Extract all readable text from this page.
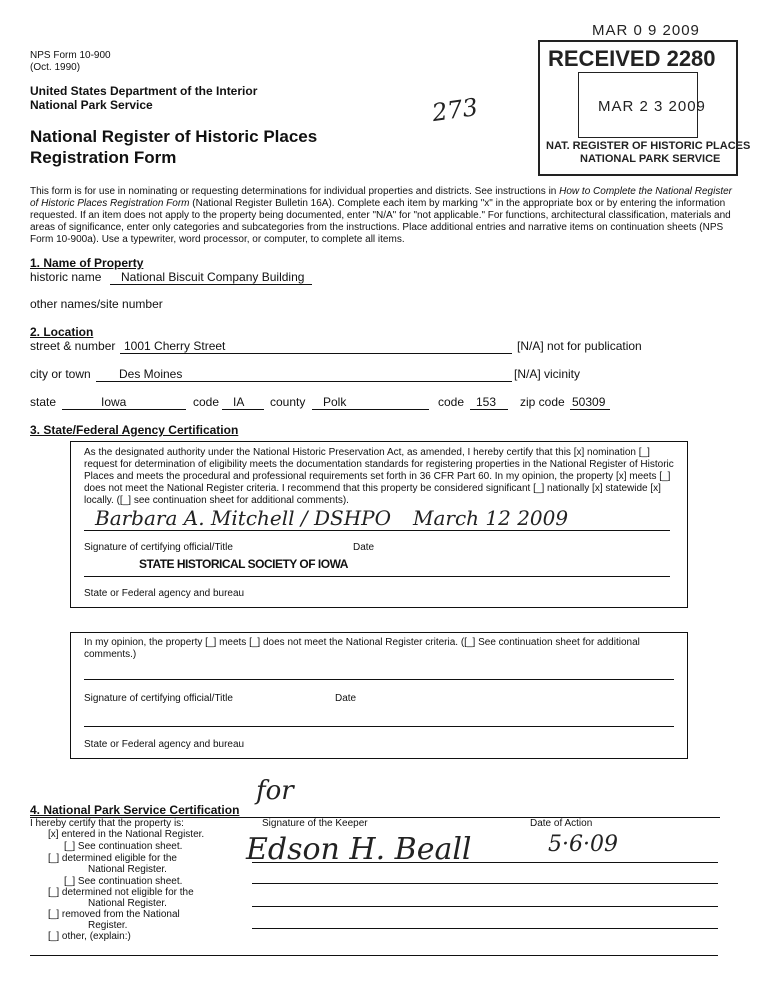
NPS Form 10-900
(Oct. 1990)
United States Department of the Interior
National Park Service
National Register of Historic Places
Registration Form
273
MAR 0 9 2009
RECEIVED 2280
MAR 2 3 2009
NAT. REGISTER OF HISTORIC PLACES
NATIONAL PARK SERVICE
This form is for use in nominating or requesting determinations for individual properties and districts. See instructions in How to Complete the National Register of Historic Places Registration Form (National Register Bulletin 16A). Complete each item by marking "x" in the appropriate box or by entering the information requested. If an item does not apply to the property being documented, enter "N/A" for "not applicable." For functions, architectural classification, materials and areas of significance, enter only categories and subcategories from the instructions. Place additional entries and narrative items on continuation sheets (NPS Form 10-900a). Use a typewriter, word processor, or computer, to complete all items.
1. Name of Property
historic name National Biscuit Company Building
other names/site number
2. Location
street & number 1001 Cherry Street	[N/A] not for publication
city or town Des Moines	[N/A] vicinity
state	Iowa	code IA county Polk	code 153 zip code 50309
3. State/Federal Agency Certification
As the designated authority under the National Historic Preservation Act, as amended, I hereby certify that this [x] nomination [_] request for determination of eligibility meets the documentation standards for registering properties in the National Register of Historic Places and meets the procedural and professional requirements set forth in 36 CFR Part 60. In my opinion, the property [x] meets [_] does not meet the National Register criteria. I recommend that this property be considered significant [_] nationally [x] statewide [x] locally. ([_] see continuation sheet for additional comments).
Barbara A. Mitchell / DSHPO March 12 2009
Signature of certifying official/Title	Date
STATE HISTORICAL SOCIETY OF IOWA
State or Federal agency and bureau
In my opinion, the property [_] meets [_] does not meet the National Register criteria. ([_] See continuation sheet for additional comments.)
Signature of certifying official/Title	Date
State or Federal agency and bureau
for
4. National Park Service Certification
I hereby certify that the property is:
[x] entered in the National Register.
[_] See continuation sheet.
[_] determined eligible for the
National Register.
[_] See continuation sheet.
[_] determined not eligible for the
National Register.
[_] removed from the National
Register.
[_] other, (explain:)
Signature of the Keeper
Edson H. Beall
Date of Action
5·6·09
